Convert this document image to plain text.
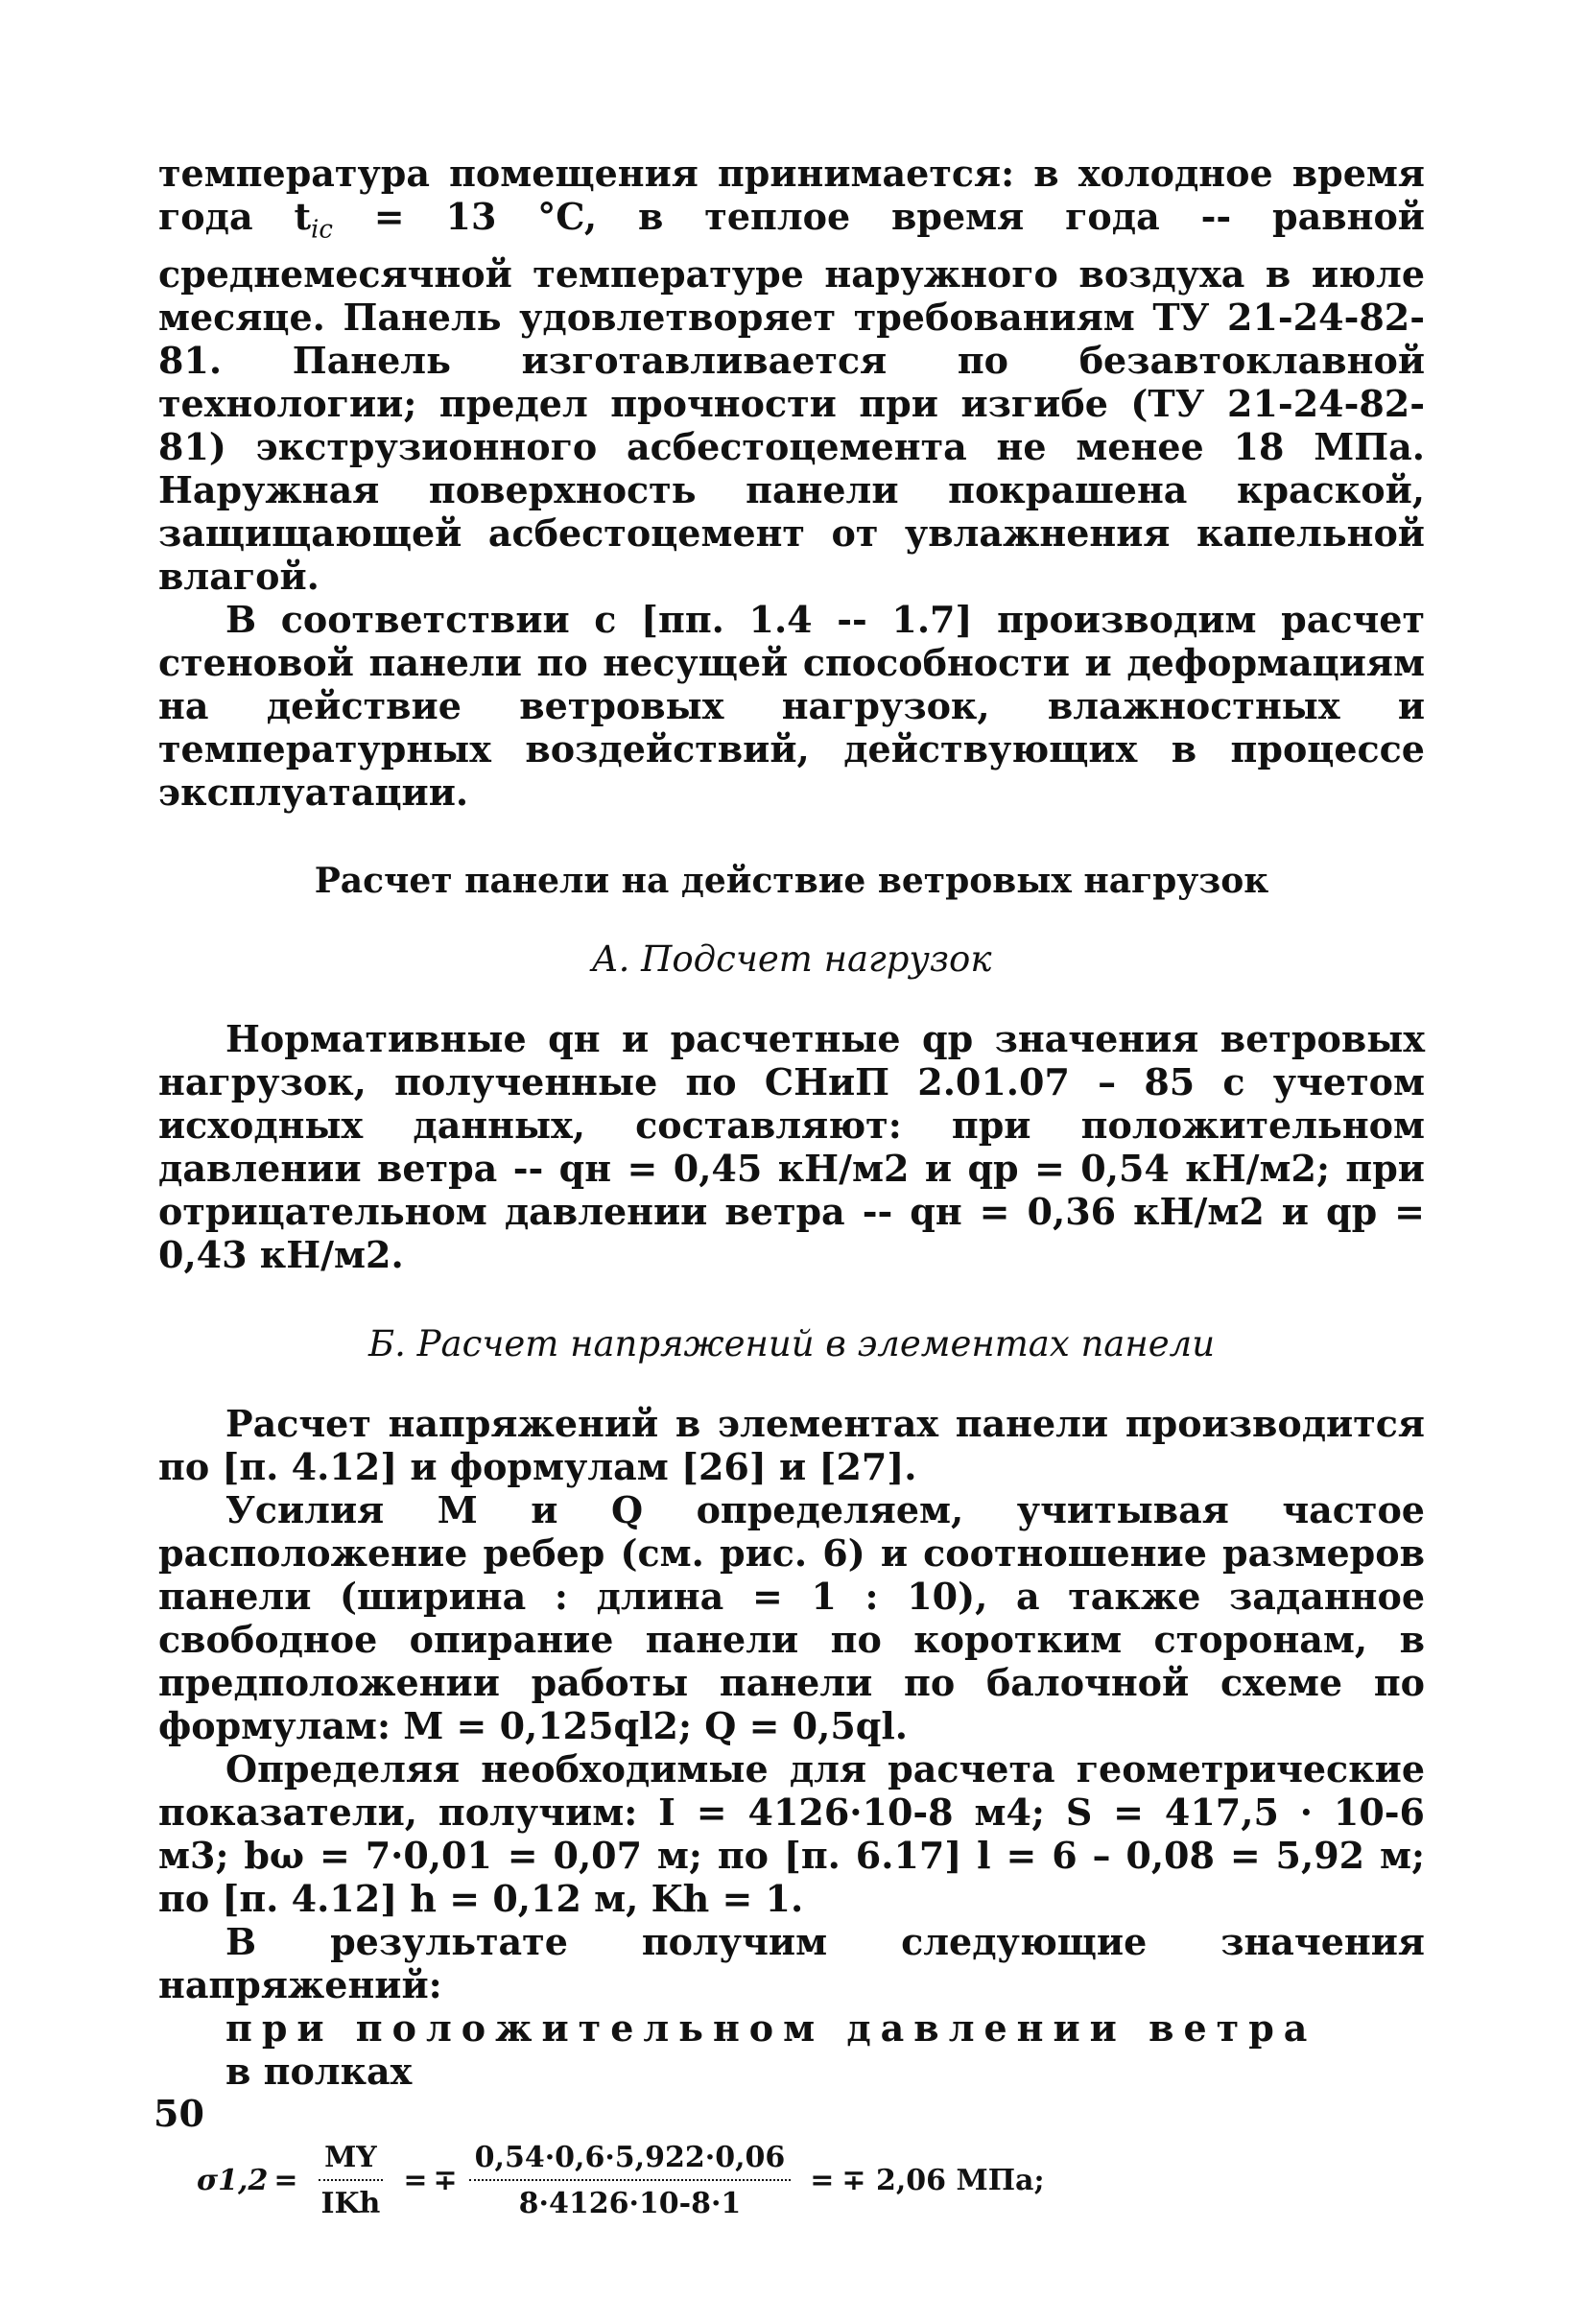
температура помещения принимается: в холодное время года $t_{ic} = 13$ °C, в теплое время года -- равной среднемесячной температуре наружного воздуха в июле месяце. Панель удовлетворяет требованиям ТУ 21-24-82-81. Панель изготавливается по безавтоклавной технологии; предел прочности при изгибе (ТУ 21-24-82-81) экструзионного асбестоцемента не менее 18 МПа. Наружная поверхность панели покрашена краской, защищающей асбестоцемент от увлажнения капельной влагой.

В соответствии с [пп. 1.4 -- 1.7] производим расчет стеновой панели по несущей способности и деформациям на действие ветровых нагрузок, влажностных и температурных воздействий, действующих в процессе эксплуатации.

Расчет панели на действие ветровых нагрузок

А. Подсчет нагрузок

Нормативные qн и расчетные qр значения ветровых нагрузок, полученные по СНиП 2.01.07 – 85 с учетом исходных данных, составляют: при положительном давлении ветра -- qн = 0,45 кН/м2 и qр = 0,54 кН/м2; при отрицательном давлении ветра -- qн = 0,36 кН/м2 и qр = 0,43 кН/м2.

Б. Расчет напряжений в элементах панели

Расчет напряжений в элементах панели производится по [п. 4.12] и формулам [26] и [27].

Усилия M и Q определяем, учитывая частое расположение ребер (см. рис. 6) и соотношение размеров панели (ширина : длина = 1 : 10), а также заданное свободное опирание панели по коротким сторонам, в предположении работы панели по балочной схеме по формулам: M = 0,125ql2; Q = 0,5ql.

Определяя необходимые для расчета геометрические показатели, получим: I = 4126·10-8 м4; S = 417,5 · 10-6 м3; bω = 7·0,01 = 0,07 м; по [п. 6.17] l = 6 – 0,08 = 5,92 м; по [п. 4.12] h = 0,12 м, Kh = 1.

В результате получим следующие значения напряжений:

при положительном давлении ветра

в полках

$\sigma 1,2 = \frac{MY}{\text{IKh}}$ = ∓ $\frac{0,54\cdot 0,6\cdot 5,922\cdot 0,06}{8\cdot 4126\cdot 10-8\cdot 1}$ = ∓ 2,06 МПа;
50
